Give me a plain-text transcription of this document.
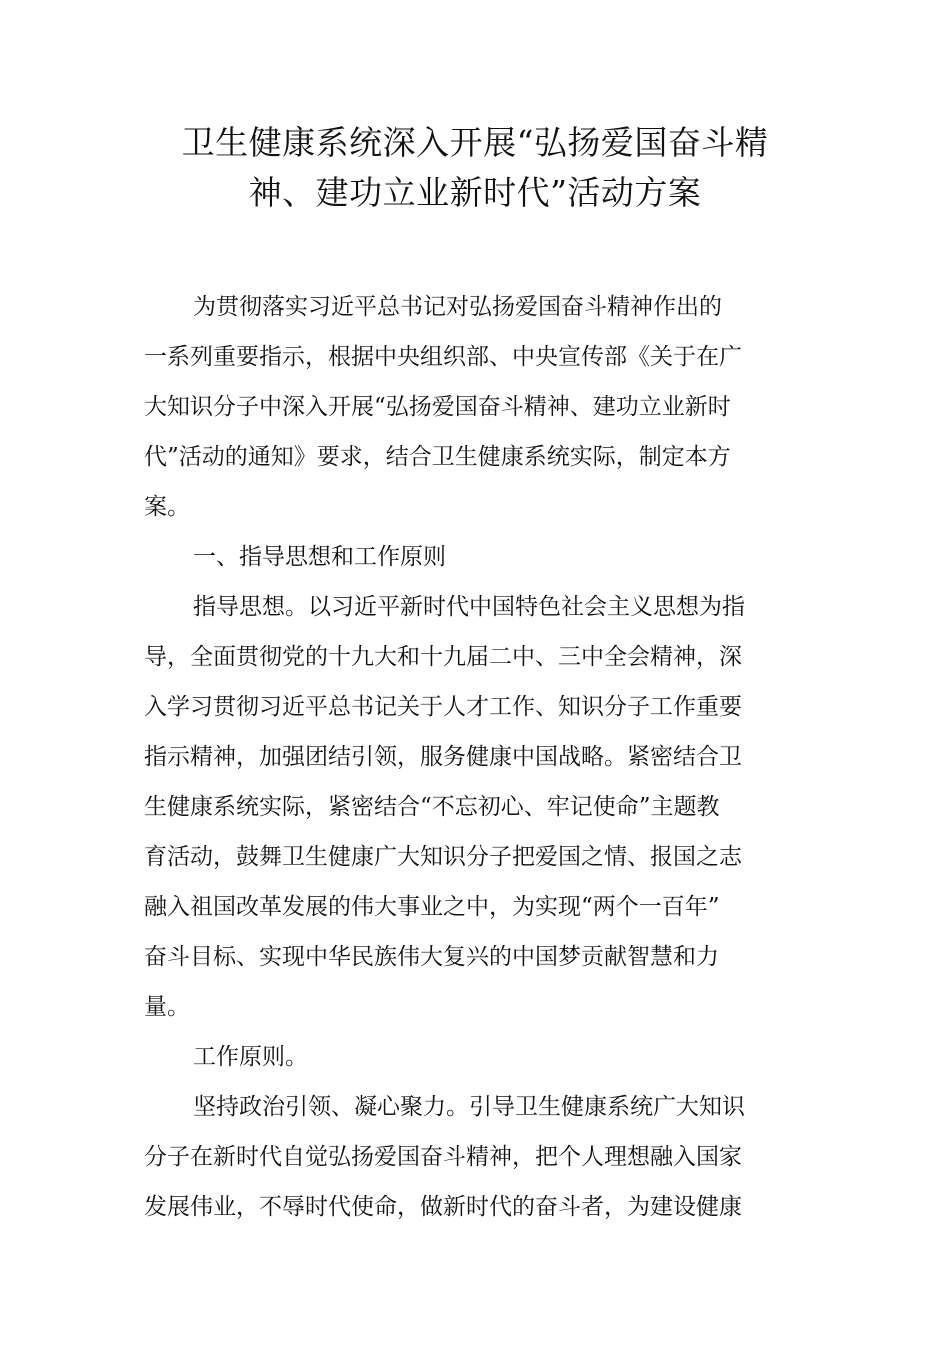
卫生健康系统深入开展“弘扬爱国奋斗精
神、建功立业新时代”活动方案
为贯彻落实习近平总书记对弘扬爱国奋斗精神作出的
一系列重要指示，根据中央组织部、中央宣传部《关于在广
大知识分子中深入开展“弘扬爱国奋斗精神、建功立业新时
代”活动的通知》要求，结合卫生健康系统实际，制定本方
案。
一、指导思想和工作原则
指导思想。以习近平新时代中国特色社会主义思想为指
导，全面贯彻党的十九大和十九届二中、三中全会精神，深
入学习贯彻习近平总书记关于人才工作、知识分子工作重要
指示精神，加强团结引领，服务健康中国战略。紧密结合卫
生健康系统实际，紧密结合“不忘初心、牢记使命”主题教
育活动，鼓舞卫生健康广大知识分子把爱国之情、报国之志
融入祖国改革发展的伟大事业之中，为实现“两个一百年”
奋斗目标、实现中华民族伟大复兴的中国梦贡献智慧和力
量。
工作原则。
坚持政治引领、凝心聚力。引导卫生健康系统广大知识
分子在新时代自觉弘扬爱国奋斗精神，把个人理想融入国家
发展伟业，不辱时代使命，做新时代的奋斗者，为建设健康
